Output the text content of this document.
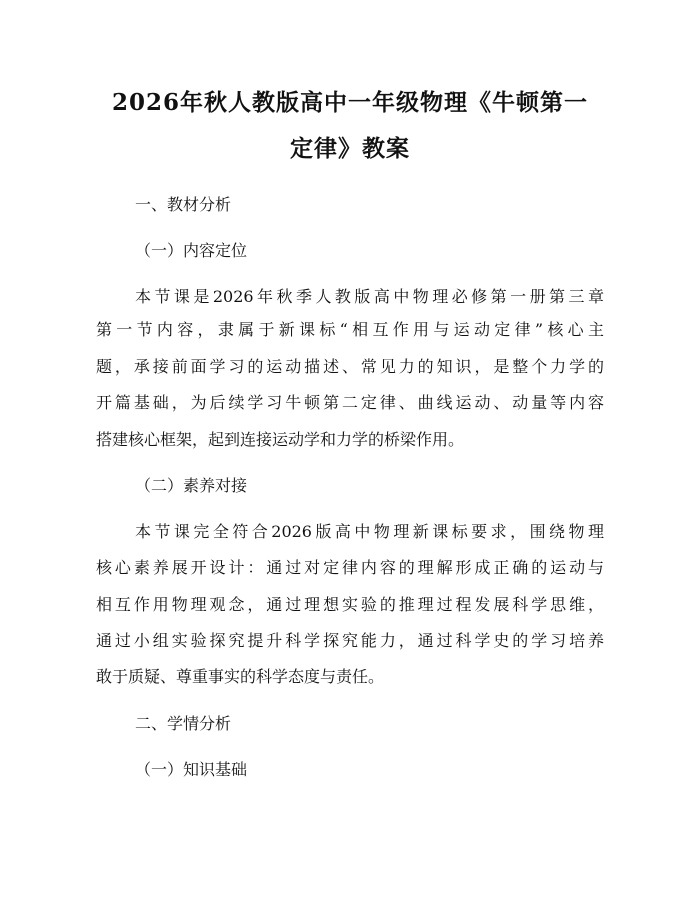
2026年秋人教版高中一年级物理《牛顿第一
定律》教案
一、教材分析
（一）内容定位
本节课是2026年秋季人教版高中物理必修第一册第三章
第一节内容，隶属于新课标“相互作用与运动定律”核心主
题，承接前面学习的运动描述、常见力的知识，是整个力学的
开篇基础，为后续学习牛顿第二定律、曲线运动、动量等内容
搭建核心框架，起到连接运动学和力学的桥梁作用。
（二）素养对接
本节课完全符合2026版高中物理新课标要求，围绕物理
核心素养展开设计：通过对定律内容的理解形成正确的运动与
相互作用物理观念，通过理想实验的推理过程发展科学思维，
通过小组实验探究提升科学探究能力，通过科学史的学习培养
敢于质疑、尊重事实的科学态度与责任。
二、学情分析
（一）知识基础
